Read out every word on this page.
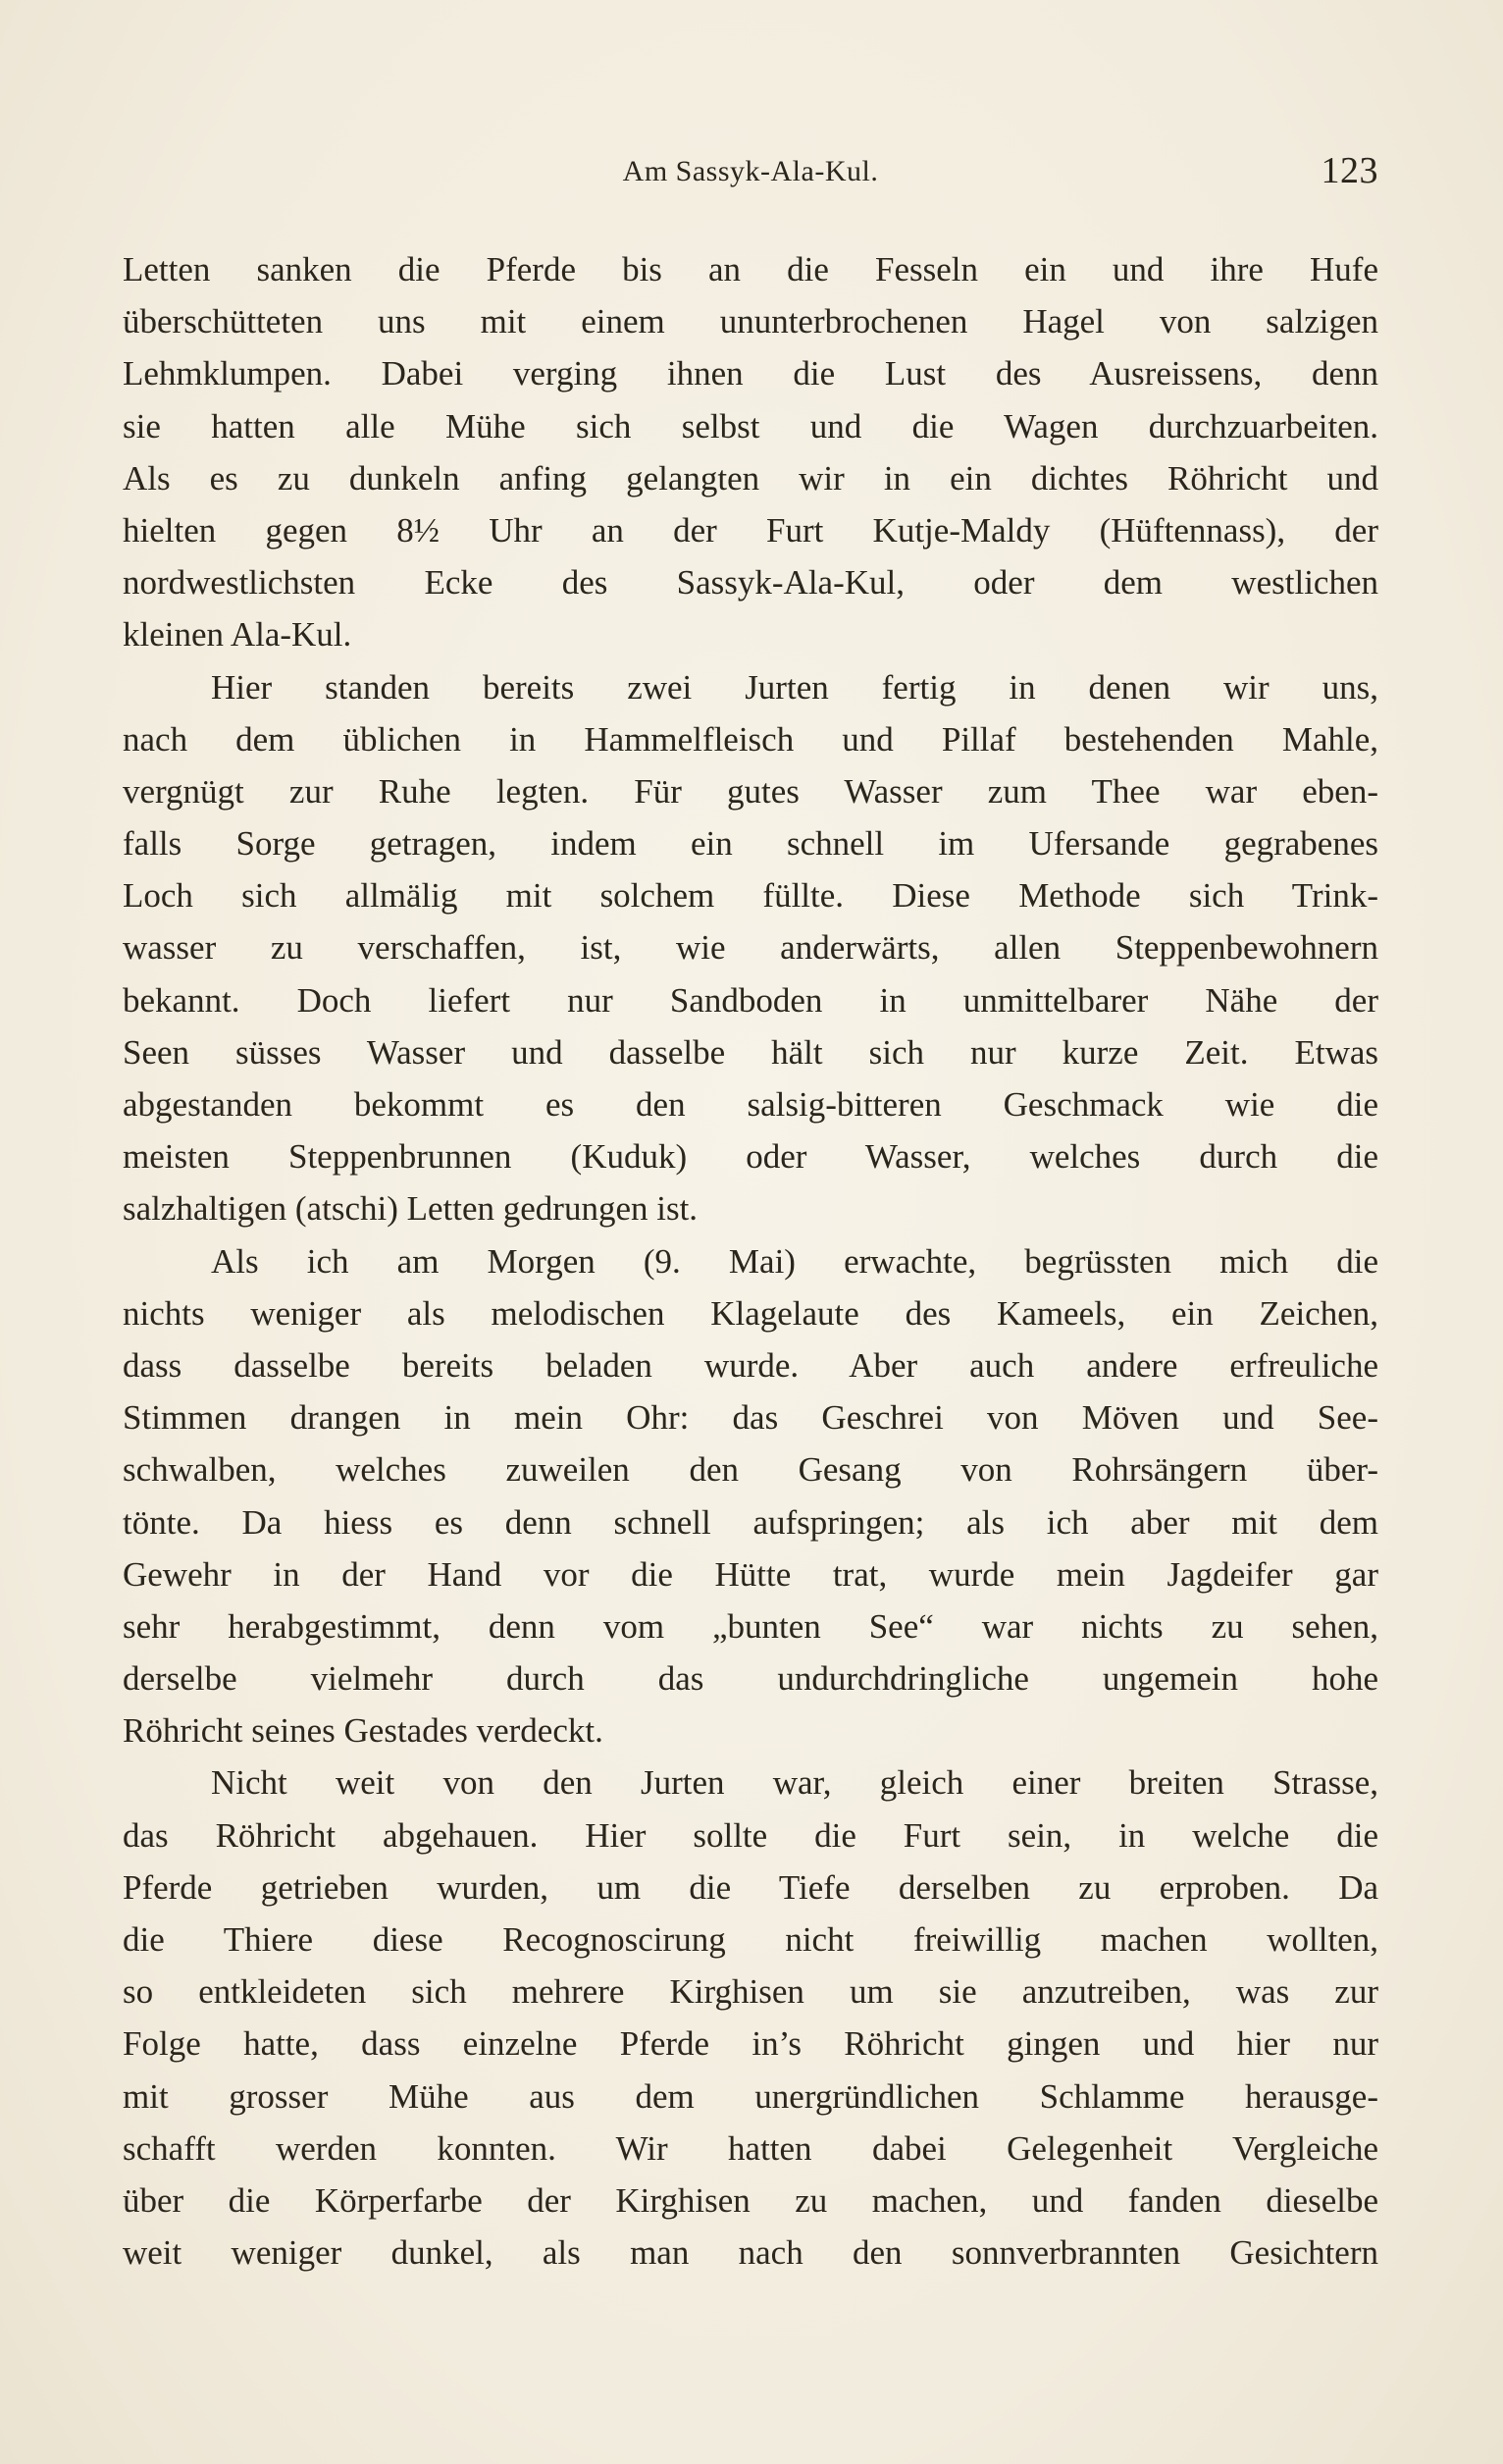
Am Sassyk-Ala-Kul.	123
Letten sanken die Pferde bis an die Fesseln ein und ihre Hufe
überschütteten uns mit einem ununterbrochenen Hagel von salzigen
Lehmklumpen. Dabei verging ihnen die Lust des Ausreissens, denn
sie hatten alle Mühe sich selbst und die Wagen durchzuarbeiten.
Als es zu dunkeln anfing gelangten wir in ein dichtes Röhricht und
hielten gegen 8½ Uhr an der Furt Kutje-Maldy (Hüftennass), der
nordwestlichsten Ecke des Sassyk-Ala-Kul, oder dem westlichen
kleinen Ala-Kul.
Hier standen bereits zwei Jurten fertig in denen wir uns,
nach dem üblichen in Hammelfleisch und Pillaf bestehenden Mahle,
vergnügt zur Ruhe legten. Für gutes Wasser zum Thee war eben-
falls Sorge getragen, indem ein schnell im Ufersande gegrabenes
Loch sich allmälig mit solchem füllte. Diese Methode sich Trink-
wasser zu verschaffen, ist, wie anderwärts, allen Steppenbewohnern
bekannt. Doch liefert nur Sandboden in unmittelbarer Nähe der
Seen süsses Wasser und dasselbe hält sich nur kurze Zeit. Etwas
abgestanden bekommt es den salsig-bitteren Geschmack wie die
meisten Steppenbrunnen (Kuduk) oder Wasser, welches durch die
salzhaltigen (atschi) Letten gedrungen ist.
Als ich am Morgen (9. Mai) erwachte, begrüssten mich die
nichts weniger als melodischen Klagelaute des Kameels, ein Zeichen,
dass dasselbe bereits beladen wurde. Aber auch andere erfreuliche
Stimmen drangen in mein Ohr: das Geschrei von Möven und See-
schwalben, welches zuweilen den Gesang von Rohrsängern über-
tönte. Da hiess es denn schnell aufspringen; als ich aber mit dem
Gewehr in der Hand vor die Hütte trat, wurde mein Jagdeifer gar
sehr herabgestimmt, denn vom „bunten See“ war nichts zu sehen,
derselbe vielmehr durch das undurchdringliche ungemein hohe
Röhricht seines Gestades verdeckt.
Nicht weit von den Jurten war, gleich einer breiten Strasse,
das Röhricht abgehauen. Hier sollte die Furt sein, in welche die
Pferde getrieben wurden, um die Tiefe derselben zu erproben. Da
die Thiere diese Recognoscirung nicht freiwillig machen wollten,
so entkleideten sich mehrere Kirghisen um sie anzutreiben, was zur
Folge hatte, dass einzelne Pferde in’s Röhricht gingen und hier nur
mit grosser Mühe aus dem unergründlichen Schlamme herausge-
schafft werden konnten. Wir hatten dabei Gelegenheit Vergleiche
über die Körperfarbe der Kirghisen zu machen, und fanden dieselbe
weit weniger dunkel, als man nach den sonnverbrannten Gesichtern
